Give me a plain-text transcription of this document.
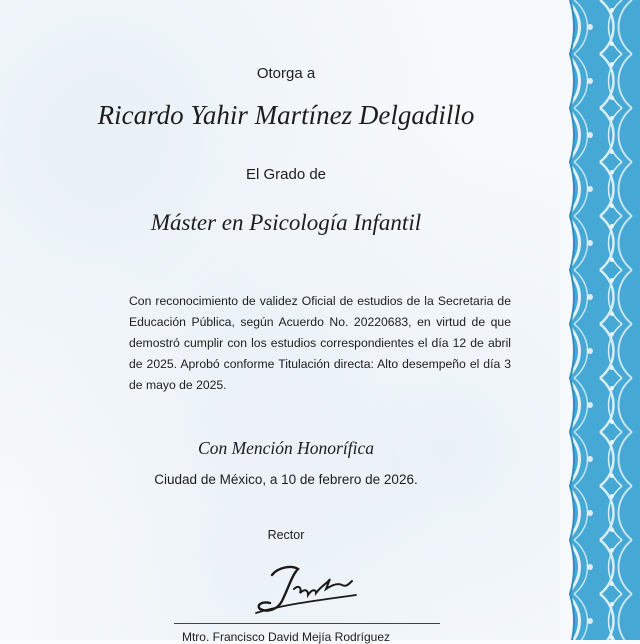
Otorga a
Ricardo Yahir Martínez Delgadillo
El Grado de
Máster en Psicología Infantil
Con reconocimiento de validez Oficial de estudios de la Secretaria de Educación Pública, según Acuerdo No. 20220683, en virtud de que demostró cumplir con los estudios correspondientes el día 12 de abril de 2025. Aprobó conforme Titulación directa: Alto desempeño el día 3 de mayo de 2025.
Con Mención Honorífica
Ciudad de México, a 10 de febrero de 2026.
Rector
Mtro. Francisco David Mejía Rodríguez
